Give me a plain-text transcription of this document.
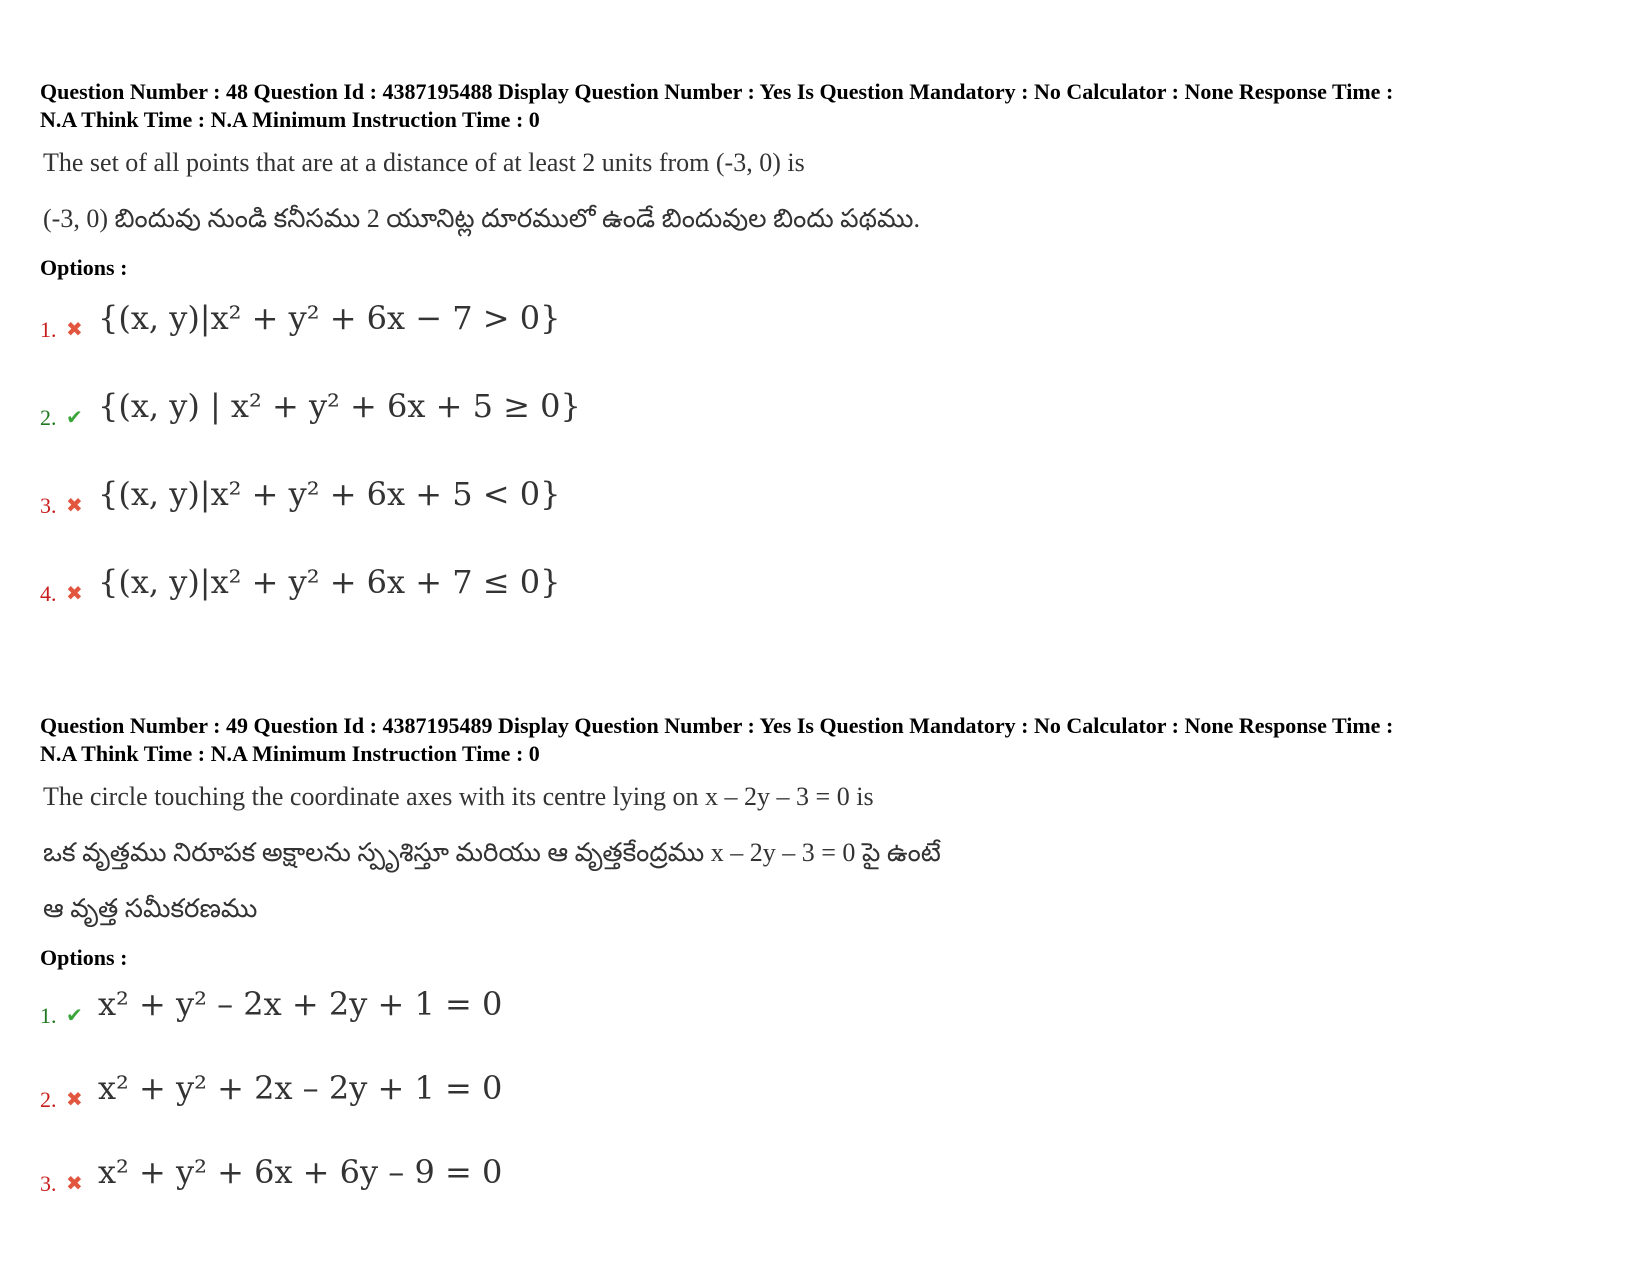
Question Number : 48 Question Id : 4387195488 Display Question Number : Yes Is Question Mandatory : No Calculator : None Response Time :
N.A Think Time : N.A Minimum Instruction Time : 0

The set of all points that are at a distance of at least 2 units from (-3, 0) is
(-3, 0) బిందువు నుండి కనీసము 2 యూనిట్ల దూరములో ఉండే బిందువుల బిందు పథము.
Options :
1. ✖ {(x, y)|x² + y² + 6x − 7 > 0}
2. ✔ {(x, y) | x² + y² + 6x + 5 ≥ 0}
3. ✖ {(x, y)|x² + y² + 6x + 5 < 0}
4. ✖ {(x, y)|x² + y² + 6x + 7 ≤ 0}

Question Number : 49 Question Id : 4387195489 Display Question Number : Yes Is Question Mandatory : No Calculator : None Response Time :
N.A Think Time : N.A Minimum Instruction Time : 0

The circle touching the coordinate axes with its centre lying on x – 2y – 3 = 0 is
ఒక వృత్తము నిరూపక అక్షాలను స్పృశిస్తూ మరియు ఆ వృత్తకేంద్రము x – 2y – 3 = 0 పై ఉంటే
ఆ వృత్త సమీకరణము
Options :
1. ✔ x² + y² – 2x + 2y + 1 = 0
2. ✖ x² + y² + 2x – 2y + 1 = 0
3. ✖ x² + y² + 6x + 6y – 9 = 0
